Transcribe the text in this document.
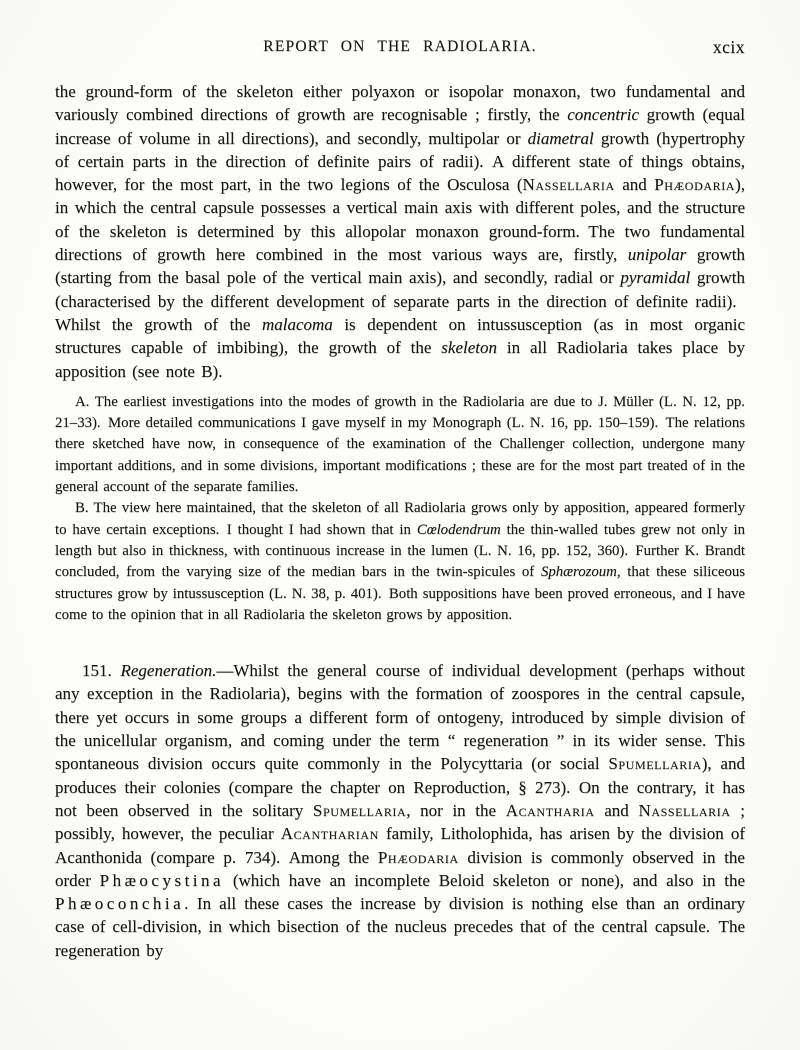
REPORT ON THE RADIOLARIA.	xcix

the ground-form of the skeleton either polyaxon or isopolar monaxon, two fundamental and variously combined directions of growth are recognisable ; firstly, the concentric growth (equal increase of volume in all directions), and secondly, multipolar or diametral growth (hypertrophy of certain parts in the direction of definite pairs of radii). A different state of things obtains, however, for the most part, in the two legions of the Osculosa (Nassellaria and Phæodaria), in which the central capsule possesses a vertical main axis with different poles, and the structure of the skeleton is determined by this allopolar monaxon ground-form. The two fundamental directions of growth here combined in the most various ways are, firstly, unipolar growth (starting from the basal pole of the vertical main axis), and secondly, radial or pyramidal growth (characterised by the different development of separate parts in the direction of definite radii). Whilst the growth of the malacoma is dependent on intussusception (as in most organic structures capable of imbibing), the growth of the skeleton in all Radiolaria takes place by apposition (see note B).

A. The earliest investigations into the modes of growth in the Radiolaria are due to J. Müller (L. N. 12, pp. 21–33). More detailed communications I gave myself in my Monograph (L. N. 16, pp. 150–159). The relations there sketched have now, in consequence of the examination of the Challenger collection, undergone many important additions, and in some divisions, important modifications ; these are for the most part treated of in the general account of the separate families.

B. The view here maintained, that the skeleton of all Radiolaria grows only by apposition, appeared formerly to have certain exceptions. I thought I had shown that in Cœlodendrum the thin-walled tubes grew not only in length but also in thickness, with continuous increase in the lumen (L. N. 16, pp. 152, 360). Further K. Brandt concluded, from the varying size of the median bars in the twin-spicules of Sphærozoum, that these siliceous structures grow by intussusception (L. N. 38, p. 401). Both suppositions have been proved erroneous, and I have come to the opinion that in all Radiolaria the skeleton grows by apposition.

151. Regeneration.—Whilst the general course of individual development (perhaps without any exception in the Radiolaria), begins with the formation of zoospores in the central capsule, there yet occurs in some groups a different form of ontogeny, introduced by simple division of the unicellular organism, and coming under the term “ regeneration ” in its wider sense. This spontaneous division occurs quite commonly in the Polycyttaria (or social Spumellaria), and produces their colonies (compare the chapter on Reproduction, § 273). On the contrary, it has not been observed in the solitary Spumellaria, nor in the Acantharia and Nassellaria ; possibly, however, the peculiar Acantharian family, Litholophida, has arisen by the division of Acanthonida (compare p. 734). Among the Phæodaria division is commonly observed in the order Phæocystina (which have an incomplete Beloid skeleton or none), and also in the Phæoconchia. In all these cases the increase by division is nothing else than an ordinary case of cell-division, in which bisection of the nucleus precedes that of the central capsule. The regeneration by
